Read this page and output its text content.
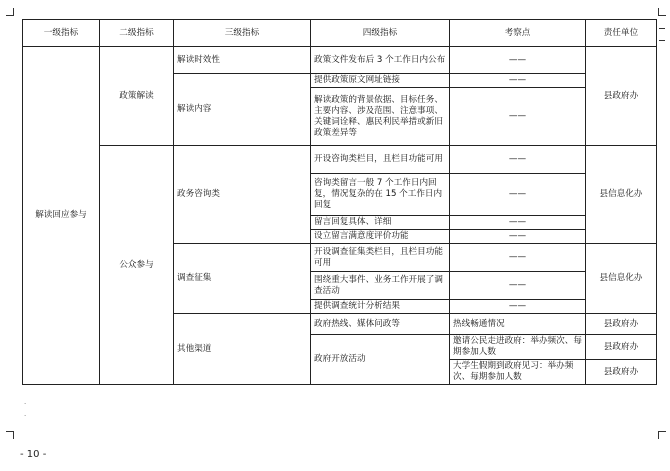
一级指标	二级指标	三级指标	四级指标	考察点	责任单位
解读回应参与	政策解读	解读时效性	政策文件发布后 3 个工作日内公布	——	县政府办
		解读内容	提供政策原文网址链接	——	
			解读政策的背景依据、目标任务、主要内容、涉及范围、注意事项、关键词诠释、惠民利民举措或新旧政策差异等	——	
	公众参与	政务咨询类	开设咨询类栏目，且栏目功能可用	——	县信息化办
			咨询类留言一般 7 个工作日内回复，情况复杂的在 15 个工作日内回复	——	
			留言回复具体、详细	——	
			设立留言满意度评价功能	——	
		调查征集	开设调查征集类栏目，且栏目功能可用	——	县信息化办
			围绕重大事件、业务工作开展了调查活动	——	
			提供调查统计分析结果	——	
		其他渠道	政府热线、媒体问政等	热线畅通情况	县政府办
			政府开放活动	邀请公民走进政府：举办频次、每期参加人数	县政府办
				大学生假期到政府见习：举办频次、每期参加人数	县政府办
.
.
- 10 -
